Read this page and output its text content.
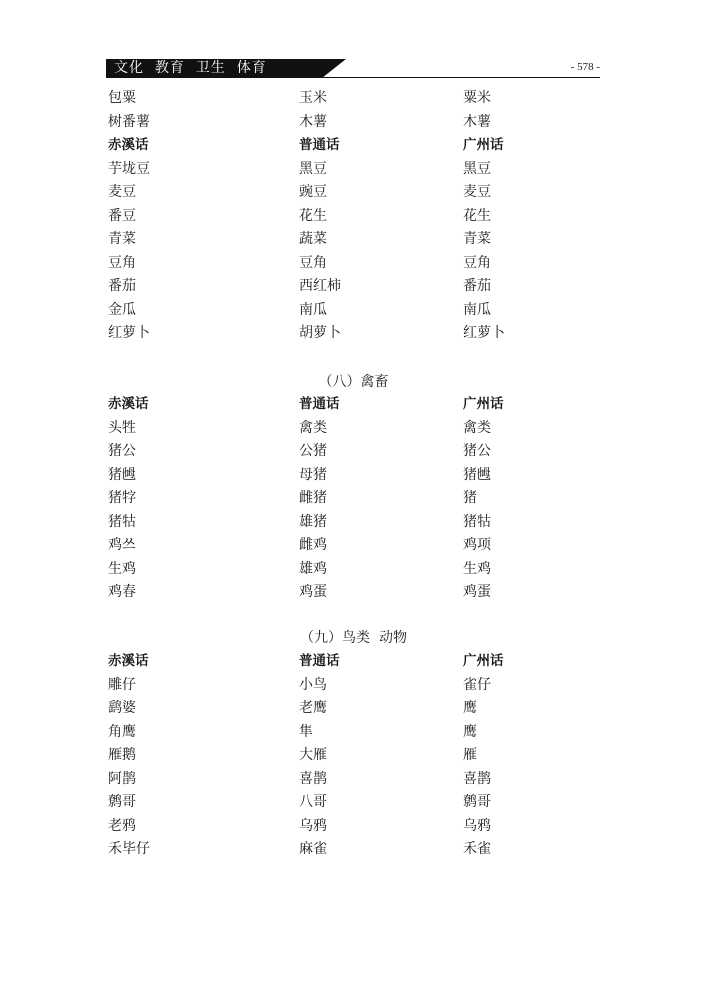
文化  教育  卫生  体育	- 578 -
包粟	玉米	粟米
树番薯	木薯	木薯
赤溪话	普通话	广州话
芋垅豆	黑豆	黑豆
麦豆	豌豆	麦豆
番豆	花生	花生
青菜	蔬菜	青菜
豆角	豆角	豆角
番茄	西红柿	番茄
金瓜	南瓜	南瓜
红萝卜	胡萝卜	红萝卜
（八）禽畜
赤溪话	普通话	广州话
头牲	禽类	禽类
猪公	公猪	猪公
猪乸	母猪	猪乸
猪牸	雌猪	猪
猪牯	雄猪	猪牯
鸡쓰	雌鸡	鸡项
生鸡	雄鸡	生鸡
鸡春	鸡蛋	鸡蛋
（九）鸟类  动物
赤溪话	普通话	广州话
雕仔	小鸟	雀仔
鹞婆	老鹰	鹰
角鹰	隼	鹰
雁鹅	大雁	雁
阿鹊	喜鹊	喜鹊
鹩哥	八哥	鹩哥
老鸦	乌鸦	乌鸦
禾毕仔	麻雀	禾雀
